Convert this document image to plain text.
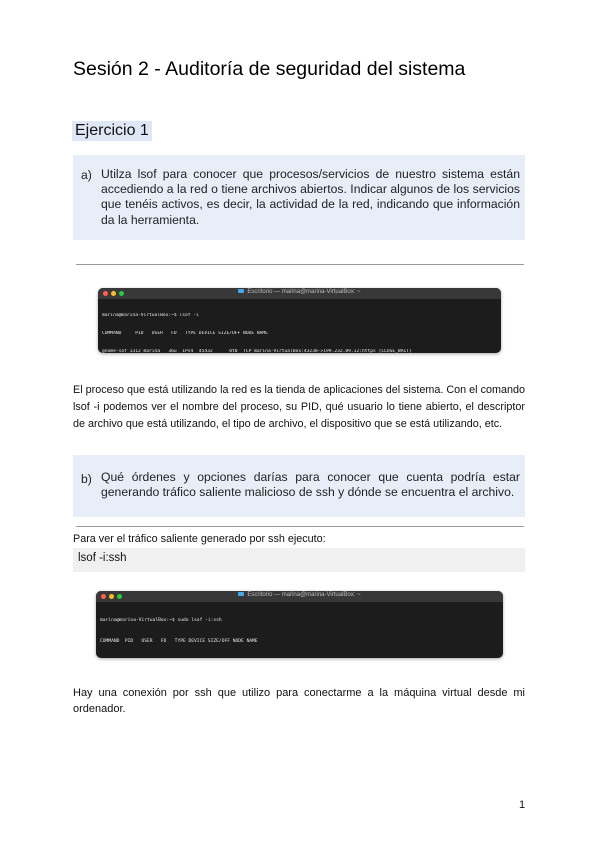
Sesión 2 - Auditoría de seguridad del sistema
Ejercicio 1
a) Utilza lsof para conocer que procesos/servicios de nuestro sistema están accediendo a la red o tiene archivos abiertos. Indicar algunos de los servicios que tenéis activos, es decir, la actividad de la red, indicando que información da la herramienta.
Escritorio — marina@marina-VirtualBox: ~

marina@marina-VirtualBox:~$ lsof -i

COMMAND     PID   USER   FD   TYPE DEVICE SIZE/OFF NODE NAME

gnome-sof 1312 marina   36u  IPv4  45432      0t0  TCP marina-VirtualBox:43238->199.232.89.12:https (CLOSE_WAIT)

El proceso que está utilizando la red es la tienda de aplicaciones del sistema. Con el comando lsof -i podemos ver el nombre del proceso, su PID, qué usuario lo tiene abierto, el descriptor de archivo que está utilizando, el tipo de archivo, el dispositivo que se está utilizando, etc.
b) Qué órdenes y opciones darías para conocer que cuenta podría estar generando tráfico saliente malicioso de ssh y dónde se encuentra el archivo.
Para ver el tráfico saliente generado por ssh ejecuto:
lsof -i:ssh
Escritorio — marina@marina-VirtualBox: ~

marina@marina-VirtualBox:~$ sudo lsof -i:ssh

COMMAND  PID   USER   FD   TYPE DEVICE SIZE/OFF NODE NAME

Hay una conexión por ssh que utilizo para conectarme a la máquina virtual desde mi ordenador.
1
